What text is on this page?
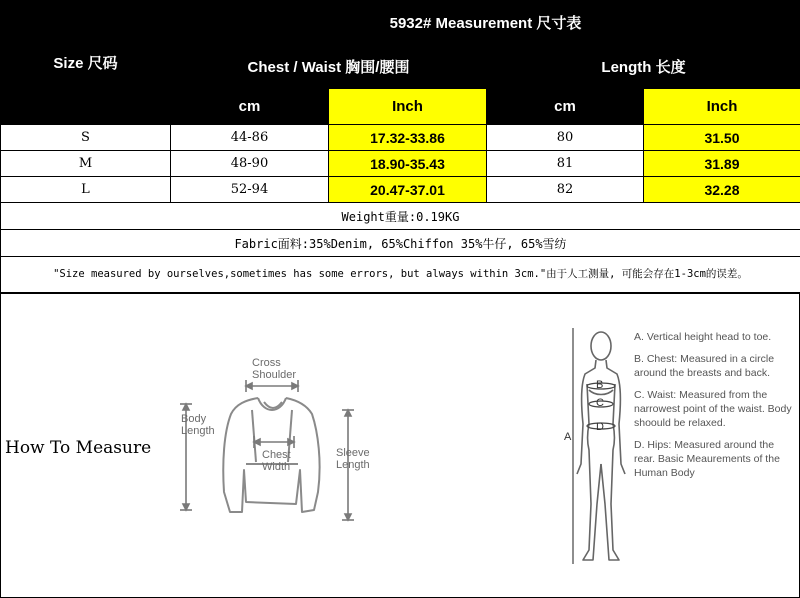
Size 尺码	5932# Measurement 尺寸表			
	Chest / Waist 胸围/腰围		Length 长度	
	cm	Inch	cm	Inch
S	44-86	17.32-33.86	80	31.50
M	48-90	18.90-35.43	81	31.89
L	52-94	20.47-37.01	82	32.28
Weight重量:0.19KG				
Fabric面料:35%Denim, 65%Chiffon 35%牛仔, 65%雪纺				
"Size measured by ourselves,sometimes has some errors, but always within 3cm."由于人工测量, 可能会存在1-3cm的误差。				
How To Measure
Cross
Shoulder
Body
Length
Chest
Width
Sleeve
Length
B
C
D
A

A. Vertical height head to toe.

B. Chest: Measured in a circle around the breasts and back.

C. Waist: Measured from the narrowest point of the waist. Body shoould be relaxed.

D. Hips: Measured around the rear. Basic Meaurements of the Human Body
